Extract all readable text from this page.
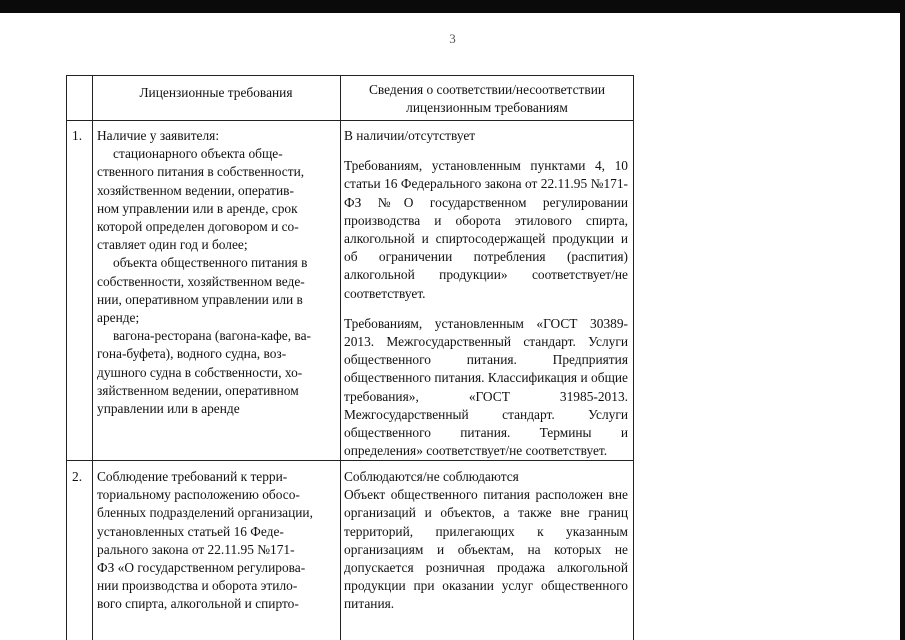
3
Лицензионные требования	Сведения о соответствии/несоответствии лицензионным требованиям
1. Наличие у заявителя:
стационарного объекта обще-
ственного питания в собственности,
хозяйственном ведении, оператив-
ном управлении или в аренде, срок
которой определен договором и со-
ставляет один год и более;
объекта общественного питания в
собственности, хозяйственном веде-
нии, оперативном управлении или в
аренде;
вагона-ресторана (вагона-кафе, ва-
гона-буфета), водного судна, воз-
душного судна в собственности, хо-
зяйственном ведении, оперативном
управлении или в аренде
В наличии/отсутствует
Требованиям, установленным пунктами 4, 10 статьи 16 Федерального закона от 22.11.95 №171-ФЗ №О государственном регулировании производства и оборота этилового спирта, алкогольной и спиртосодержащей продукции и об ограничении потребления (распития) алкогольной продукции» соответствует/не соответствует.
Требованиям, установленным «ГОСТ 30389-2013. Межгосударственный стандарт. Услуги общественного питания. Предприятия общественного питания. Классификация и общие требования», «ГОСТ 31985-2013. Межгосударственный стандарт. Услуги общественного питания. Термины и определения» соответствует/не соответствует.
2. Соблюдение требований к терри-
ториальному расположению обосо-
бленных подразделений организации,
установленных статьей 16 Феде-
рального закона от 22.11.95 №171-
ФЗ «О государственном регулирова-
нии производства и оборота этило-
вого спирта, алкогольной и спирто-
Соблюдаются/не соблюдаются
Объект общественного питания расположен вне организаций и объектов, а также вне границ территорий, прилегающих к указанным организациям и объектам, на которых не допускается розничная продажа алкогольной продукции при оказании услуг общественного питания.
